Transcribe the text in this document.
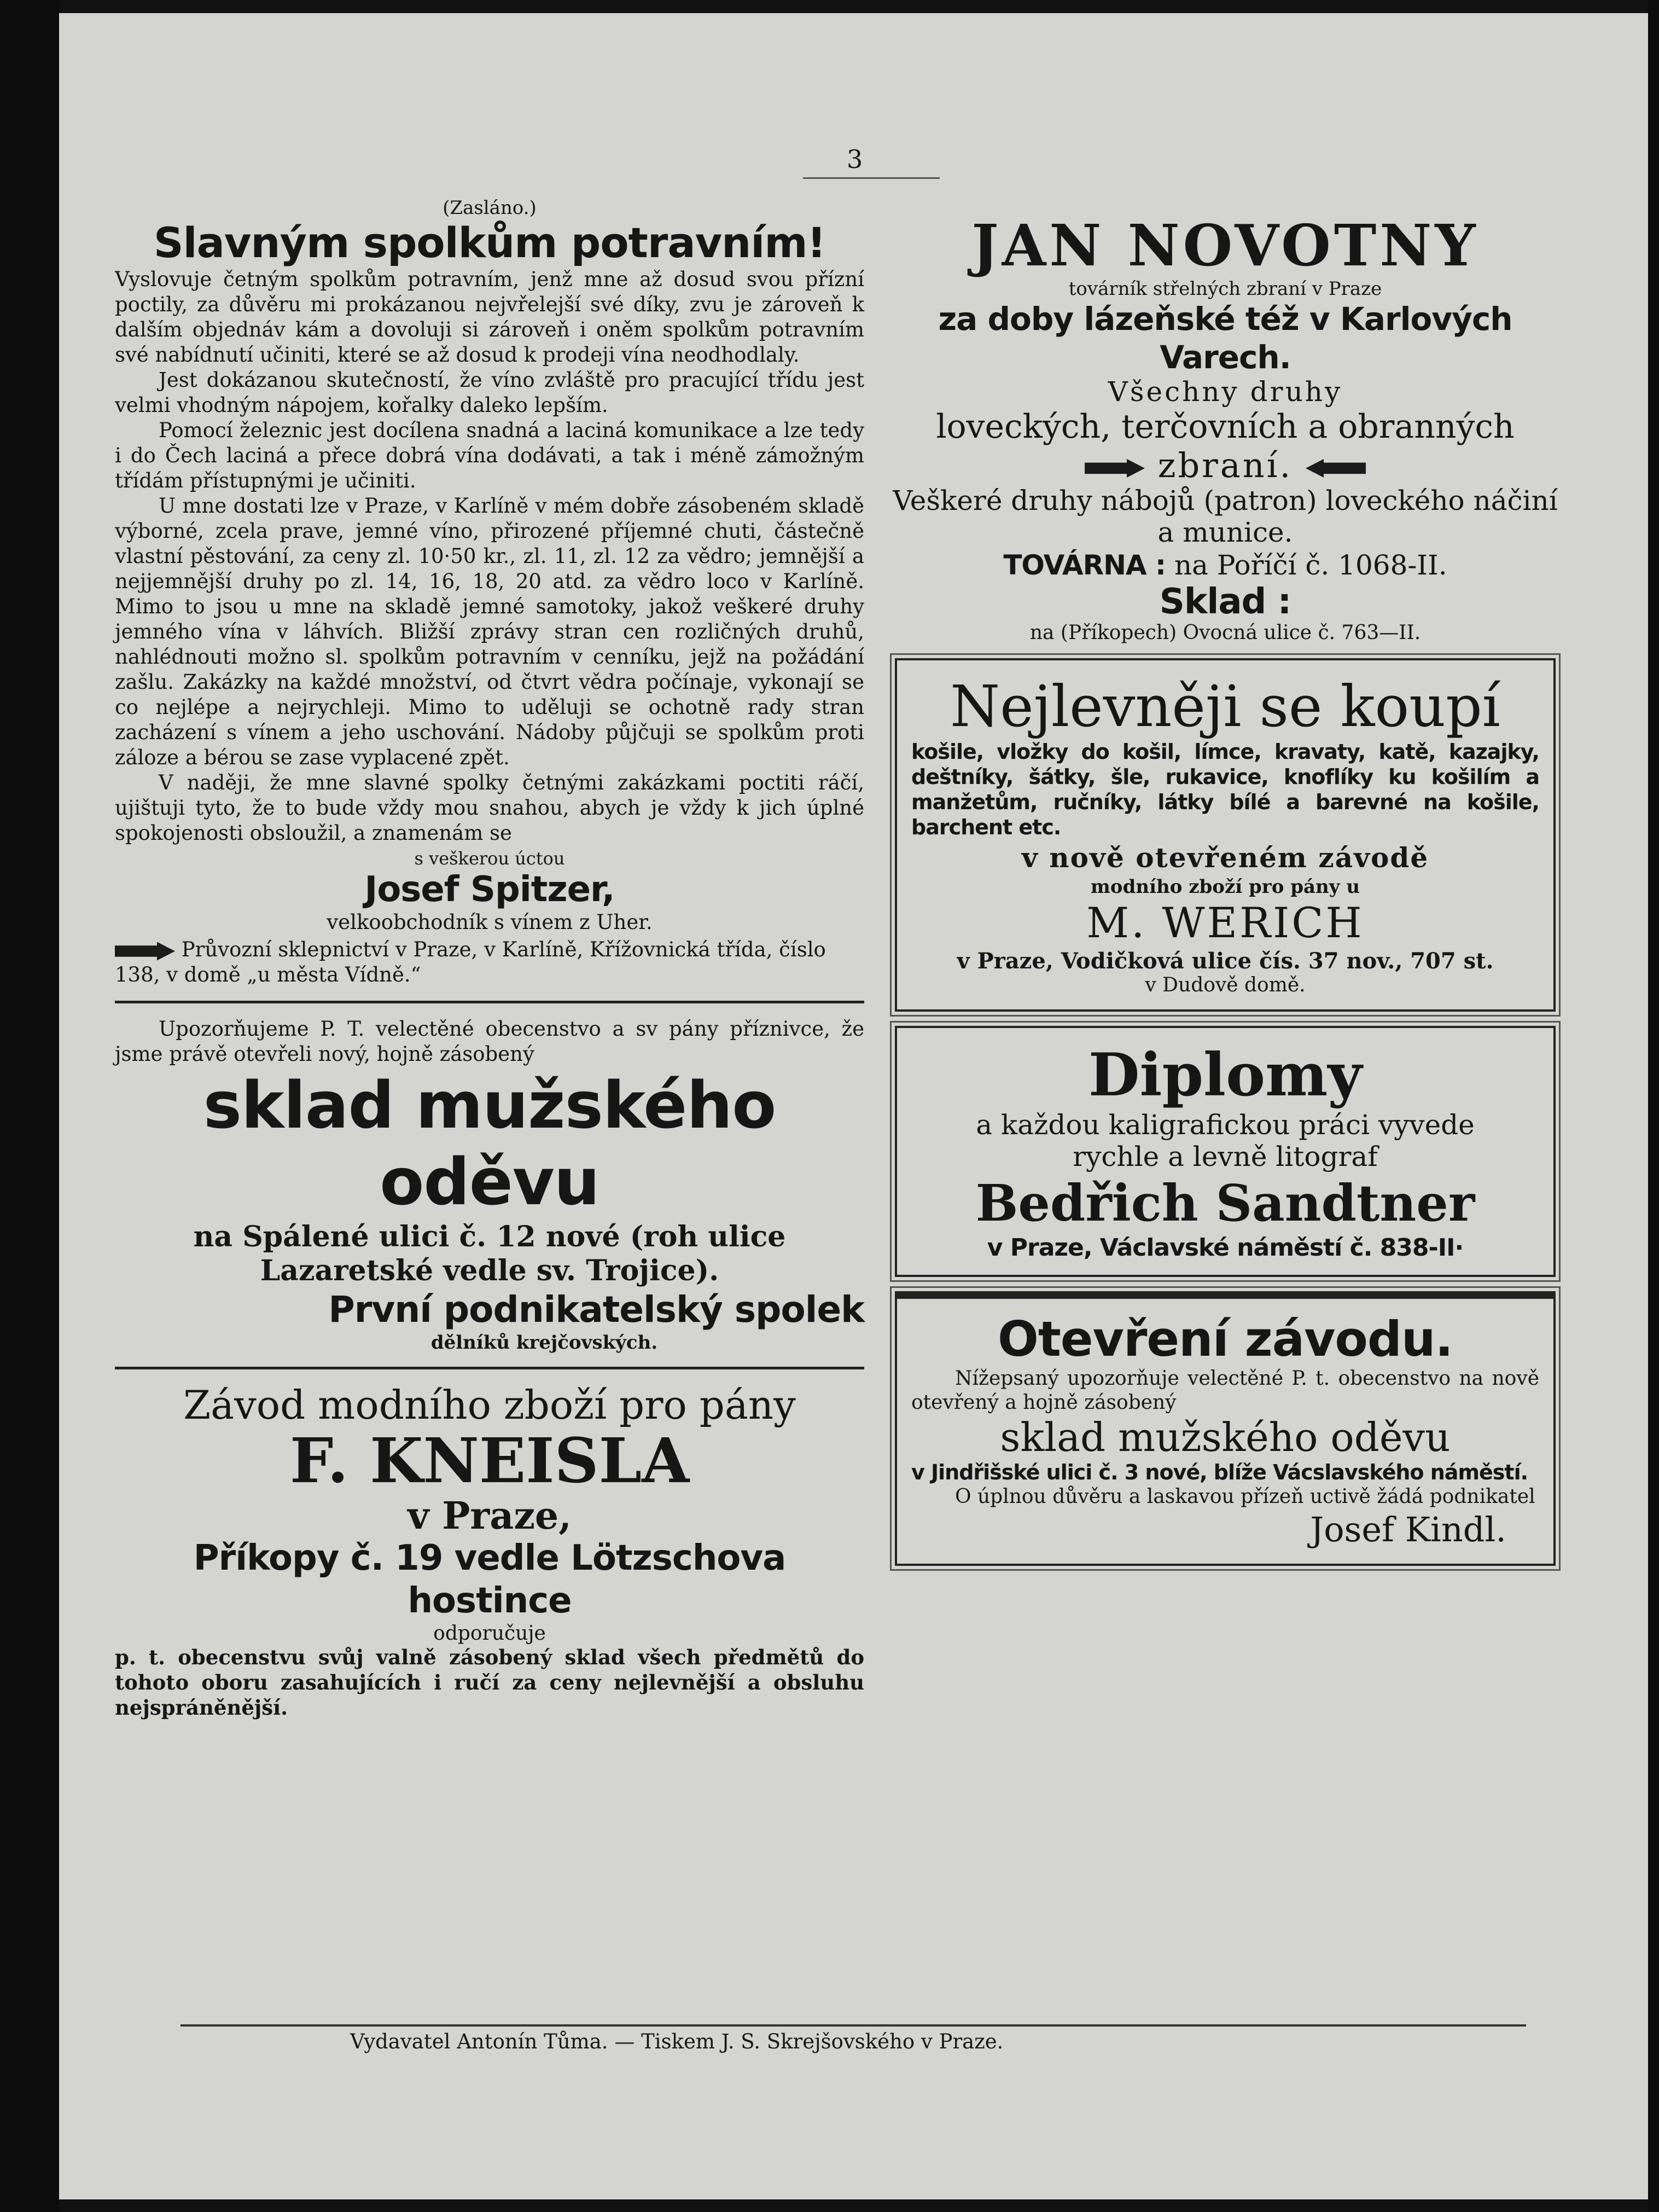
3
(Zasláno.)
Slavným spolkům potravním!

Vyslovuje četným spolkům potravním, jenž mne až dosud svou přízní poctily, za důvěru mi prokázanou nejvřelejší své díky, zvu je zároveň k dalším objednáv kám a dovoluji si zároveň i oněm spolkům potravním své nabídnutí učiniti, které se až dosud k prodeji vína neodhodlaly.

Jest dokázanou skutečností, že víno zvláště pro pracující třídu jest velmi vhodným nápojem, kořalky daleko lepším.

Pomocí železnic jest docílena snadná a laciná komunikace a lze tedy i do Čech laciná a přece dobrá vína dodávati, a tak i méně zámožným třídám přístupnými je učiniti.

U mne dostati lze v Praze, v Karlíně v mém dobře zásobeném skladě výborné, zcela prave, jemné víno, přirozené příjemné chuti, částečně vlastní pěstování, za ceny zl. 10·50 kr., zl. 11, zl. 12 za vědro; jemnější a nejjemnější druhy po zl. 14, 16, 18, 20 atd. za vědro loco v Karlíně. Mimo to jsou u mne na skladě jemné samotoky, jakož veškeré druhy jemného vína v láhvích. Bližší zprávy stran cen rozličných druhů, nahlédnouti možno sl. spolkům potravním v cenníku, jejž na požádání zašlu. Zakázky na každé množství, od čtvrt vědra počínaje, vykonají se co nejlépe a nejrychleji. Mimo to uděluji se ochotně rady stran zacházení s vínem a jeho uschování. Nádoby půjčuji se spolkům proti záloze a bérou se zase vyplacené zpět.

V naději, že mne slavné spolky četnými zakázkami poctiti ráčí, ujištuji tyto, že to bude vždy mou snahou, abych je vždy k jich úplné spokojenosti obsloužil, a znamenám se

s veškerou úctou
Josef Spitzer,
velkoobchodník s vínem z Uher.
Průvozní sklepnictví v Praze, v Karlíně, Křížovnická třída, číslo 138, v domě „u města Vídně.“

Upozorňujeme P. T. velectěné obecenstvo a sv pány příznivce, že jsme právě otevřeli nový, hojně zásobený

sklad mužského oděvu
na Spálené ulici č. 12 nové (roh ulice Lazaretské vedle sv. Trojice).
První podnikatelský spolek
dělníků krejčovských.
Závod modního zboží pro pány
F. KNEISLA
v Praze,
Příkopy č. 19 vedle Lötzschova hostince
odporučuje

p. t. obecenstvu svůj valně zásobený sklad všech předmětů do tohoto oboru zasahujících i ručí za ceny nejlevnější a obsluhu nejspráněnější.

JAN NOVOTNY
továrník střelných zbraní v Praze
za doby lázeňské též v Karlových Varech.
Všechny druhy
loveckých, terčovních a obranných
zbraní.
Veškeré druhy nábojů (patron) loveckého náčiní a munice.
TOVÁRNA : na Poříčí č. 1068-II.
Sklad :
na (Příkopech) Ovocná ulice č. 763—II.
Nejlevněji se koupí
košile, vložky do košil, límce, kravaty, katě, kazajky, deštníky, šátky, šle, rukavice, knoflíky ku košilím a manžetům, ručníky, látky bílé a barevné na košile, barchent etc.
v nově otevřeném závodě
modního zboží pro pány u
M. WERICH
v Praze, Vodičková ulice čís. 37 nov., 707 st.
v Dudově domě.
Diplomy
a každou kaligrafickou práci vyvede
rychle a levně litograf
Bedřich Sandtner
v Praze, Václavské náměstí č. 838-II·
Otevření závodu.
Nížepsaný upozorňuje velectěné P. t. obecenstvo na nově otevřený a hojně zásobený
sklad mužského oděvu
v Jindřišské ulici č. 3 nové, blíže Vácslavského náměstí.
O úplnou důvěru a laskavou přízeň uctivě žádá podnikatel
Josef Kindl.
Vydavatel Antonín Tůma. — Tiskem J. S. Skrejšovského v Praze.
